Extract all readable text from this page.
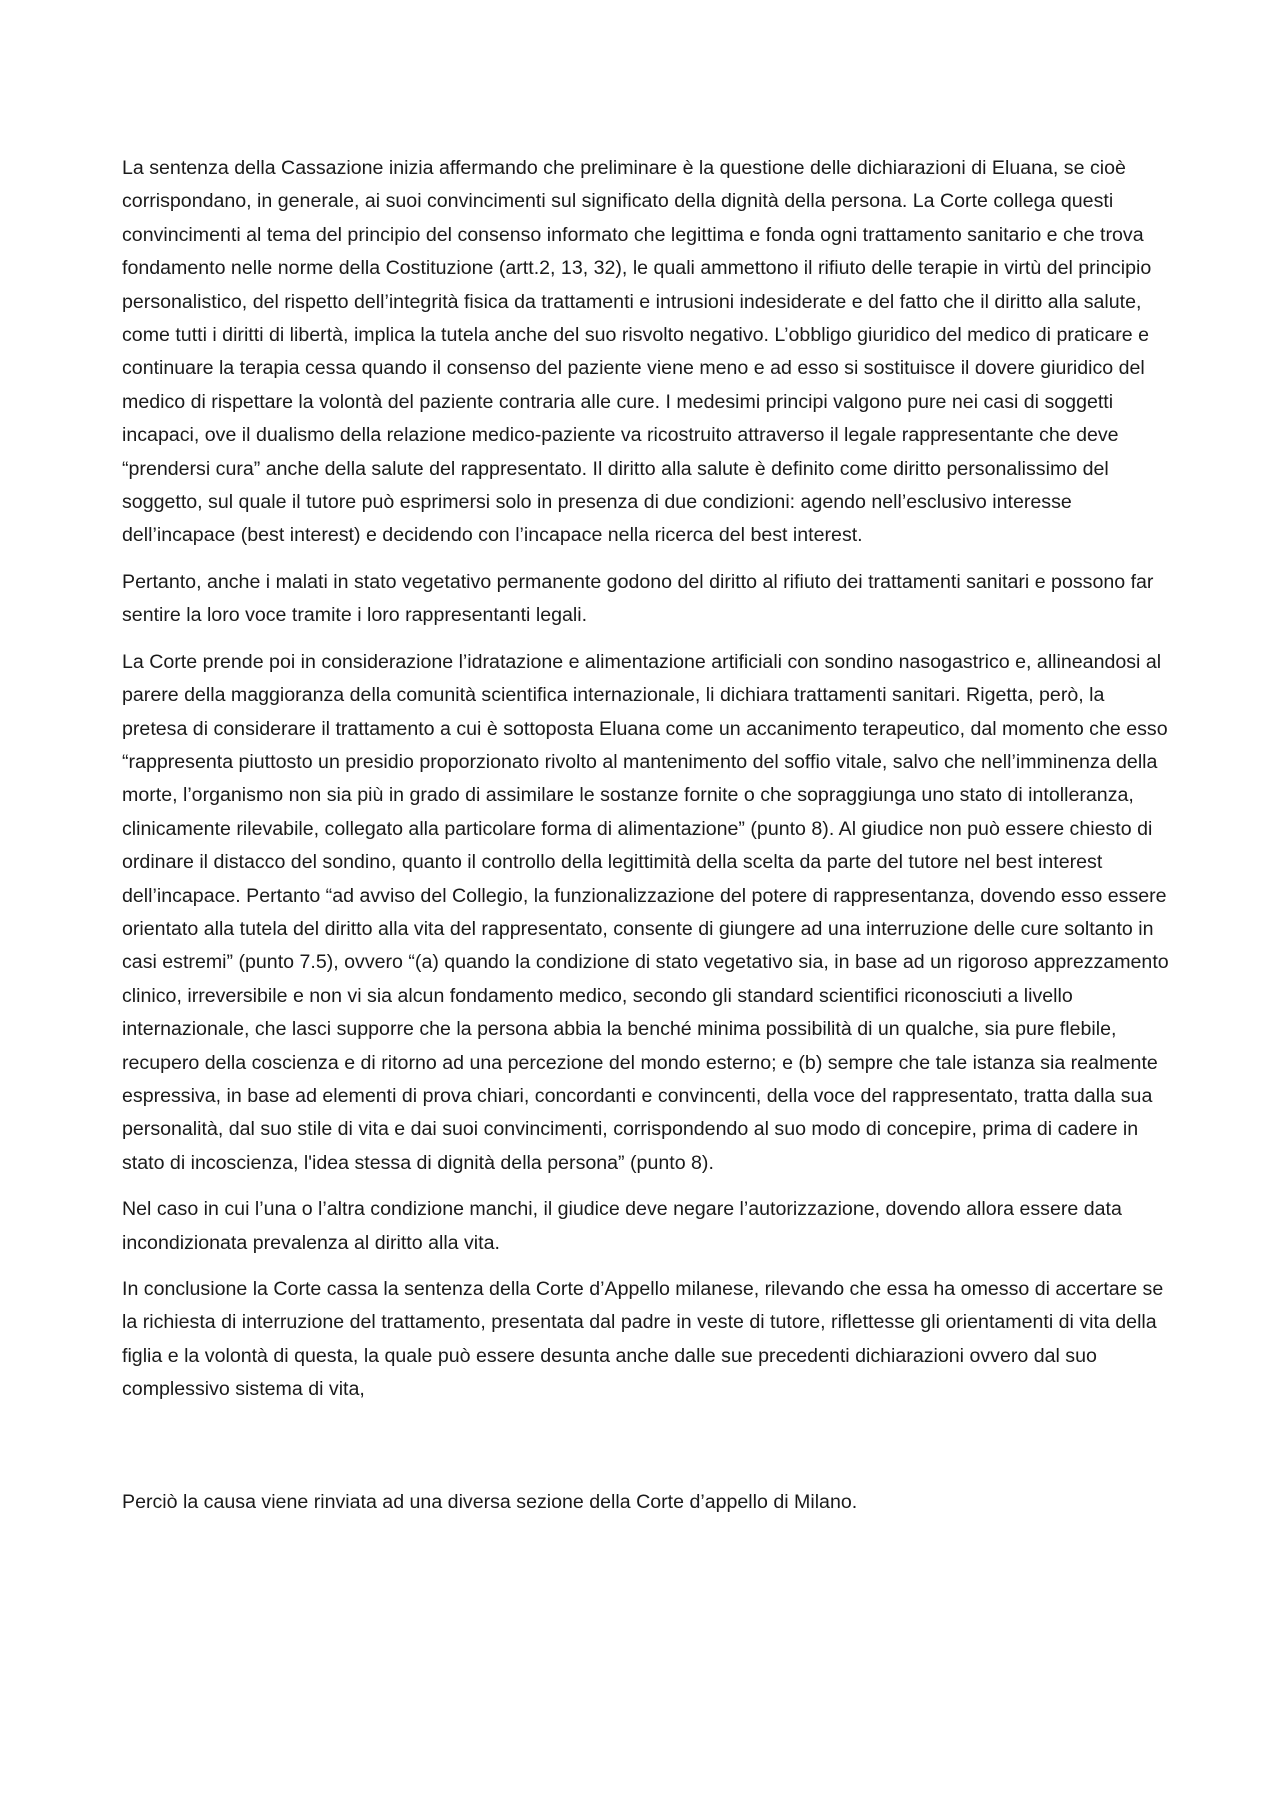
La sentenza della Cassazione inizia affermando che preliminare è la questione delle dichiarazioni di Eluana, se cioè corrispondano, in generale, ai suoi convincimenti sul significato della dignità della persona. La Corte collega questi convincimenti al tema del principio del consenso informato che legittima e fonda ogni trattamento sanitario e che trova fondamento nelle norme della Costituzione (artt.2, 13, 32), le quali ammettono il rifiuto delle terapie in virtù del principio personalistico, del rispetto dell’integrità fisica da trattamenti e intrusioni indesiderate e del fatto che il diritto alla salute, come tutti i diritti di libertà, implica la tutela anche del suo risvolto negativo. L’obbligo giuridico del medico di praticare e continuare la terapia cessa quando il consenso del paziente viene meno e ad esso si sostituisce il dovere giuridico del medico di rispettare la volontà del paziente contraria alle cure. I medesimi principi valgono pure nei casi di soggetti incapaci, ove il dualismo della relazione medico-paziente va ricostruito attraverso il legale rappresentante che deve “prendersi cura” anche della salute del rappresentato. Il diritto alla salute è definito come diritto personalissimo del soggetto, sul quale il tutore può esprimersi solo in presenza di due condizioni: agendo nell’esclusivo interesse dell’incapace (best interest) e decidendo con l’incapace nella ricerca del best interest.

Pertanto, anche i malati in stato vegetativo permanente godono del diritto al rifiuto dei trattamenti sanitari e possono far sentire la loro voce tramite i loro rappresentanti legali.

La Corte prende poi in considerazione l’idratazione e alimentazione artificiali con sondino nasogastrico e, allineandosi al parere della maggioranza della comunità scientifica internazionale, li dichiara trattamenti sanitari. Rigetta, però, la pretesa di considerare il trattamento a cui è sottoposta Eluana come un accanimento terapeutico, dal momento che esso “rappresenta piuttosto un presidio proporzionato rivolto al mantenimento del soffio vitale, salvo che nell’imminenza della morte, l’organismo non sia più in grado di assimilare le sostanze fornite o che sopraggiunga uno stato di intolleranza, clinicamente rilevabile, collegato alla particolare forma di alimentazione” (punto 8). Al giudice non può essere chiesto di ordinare il distacco del sondino, quanto il controllo della legittimità della scelta da parte del tutore nel best interest dell’incapace. Pertanto “ad avviso del Collegio, la funzionalizzazione del potere di rappresentanza, dovendo esso essere orientato alla tutela del diritto alla vita del rappresentato, consente di giungere ad una interruzione delle cure soltanto in casi estremi” (punto 7.5), ovvero “(a) quando la condizione di stato vegetativo sia, in base ad un rigoroso apprezzamento clinico, irreversibile e non vi sia alcun fondamento medico, secondo gli standard scientifici riconosciuti a livello internazionale, che lasci supporre che la persona abbia la benché minima possibilità di un qualche, sia pure flebile, recupero della coscienza e di ritorno ad una percezione del mondo esterno; e (b) sempre che tale istanza sia realmente espressiva, in base ad elementi di prova chiari, concordanti e convincenti, della voce del rappresentato, tratta dalla sua personalità, dal suo stile di vita e dai suoi convincimenti, corrispondendo al suo modo di concepire, prima di cadere in stato di incoscienza, l'idea stessa di dignità della persona” (punto 8).

Nel caso in cui l’una o l’altra condizione manchi, il giudice deve negare l’autorizzazione, dovendo allora essere data incondizionata prevalenza al diritto alla vita.

In conclusione la Corte cassa la sentenza della Corte d’Appello milanese, rilevando che essa ha omesso di accertare se la richiesta di interruzione del trattamento, presentata dal padre in veste di tutore, riflettesse gli orientamenti di vita della figlia e la volontà di questa, la quale può essere desunta anche dalle sue precedenti dichiarazioni ovvero dal suo complessivo sistema di vita,

Perciò la causa viene rinviata ad una diversa sezione della Corte d’appello di Milano.
